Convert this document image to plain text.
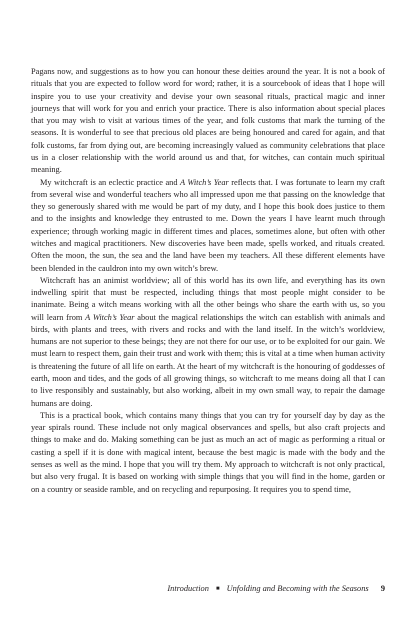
Pagans now, and suggestions as to how you can honour these deities around the year. It is not a book of rituals that you are expected to follow word for word; rather, it is a sourcebook of ideas that I hope will inspire you to use your creativity and devise your own seasonal rituals, practical magic and inner journeys that will work for you and enrich your practice. There is also information about special places that you may wish to visit at various times of the year, and folk customs that mark the turning of the seasons. It is wonderful to see that precious old places are being honoured and cared for again, and that folk customs, far from dying out, are becoming increasingly valued as community celebrations that place us in a closer relationship with the world around us and that, for witches, can contain much spiritual meaning.

My witchcraft is an eclectic practice and A Witch’s Year reflects that. I was fortunate to learn my craft from several wise and wonderful teachers who all impressed upon me that passing on the knowledge that they so generously shared with me would be part of my duty, and I hope this book does justice to them and to the insights and knowledge they entrusted to me. Down the years I have learnt much through experience; through working magic in different times and places, sometimes alone, but often with other witches and magical practitioners. New discoveries have been made, spells worked, and rituals created. Often the moon, the sun, the sea and the land have been my teachers. All these different elements have been blended in the cauldron into my own witch’s brew.

Witchcraft has an animist worldview; all of this world has its own life, and everything has its own indwelling spirit that must be respected, including things that most people might consider to be inanimate. Being a witch means working with all the other beings who share the earth with us, so you will learn from A Witch’s Year about the magical relationships the witch can establish with animals and birds, with plants and trees, with rivers and rocks and with the land itself. In the witch’s worldview, humans are not superior to these beings; they are not there for our use, or to be exploited for our gain. We must learn to respect them, gain their trust and work with them; this is vital at a time when human activity is threatening the future of all life on earth. At the heart of my witchcraft is the honouring of goddesses of earth, moon and tides, and the gods of all growing things, so witchcraft to me means doing all that I can to live responsibly and sustainably, but also working, albeit in my own small way, to repair the damage humans are doing.

This is a practical book, which contains many things that you can try for yourself day by day as the year spirals round. These include not only magical observances and spells, but also craft projects and things to make and do. Making something can be just as much an act of magic as performing a ritual or casting a spell if it is done with magical intent, because the best magic is made with the body and the senses as well as the mind. I hope that you will try them. My approach to witchcraft is not only practical, but also very frugal. It is based on working with simple things that you will find in the home, garden or on a country or seaside ramble, and on recycling and repurposing. It requires you to spend time,

Introduction ■ Unfolding and Becoming with the Seasons 9
